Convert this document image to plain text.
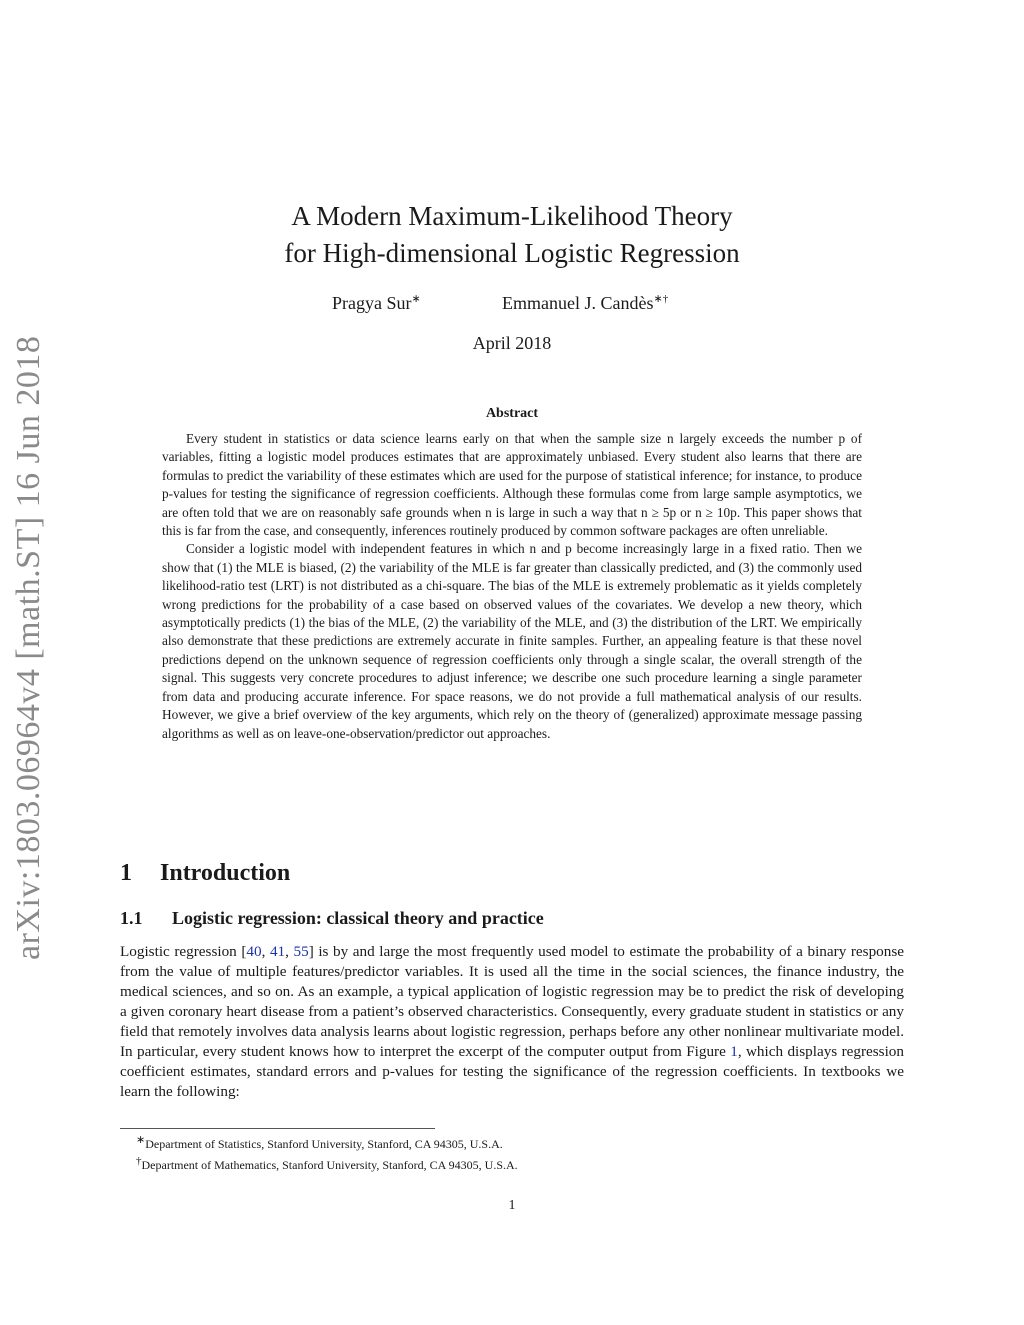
arXiv:1803.06964v4 [math.ST] 16 Jun 2018
A Modern Maximum-Likelihood Theory
for High-dimensional Logistic Regression
Pragya Sur∗	Emmanuel J. Candès∗†
April 2018
Abstract

Every student in statistics or data science learns early on that when the sample size n largely exceeds the number p of variables, fitting a logistic model produces estimates that are approximately unbiased. Every student also learns that there are formulas to predict the variability of these estimates which are used for the purpose of statistical inference; for instance, to produce p-values for testing the significance of regression coefficients. Although these formulas come from large sample asymptotics, we are often told that we are on reasonably safe grounds when n is large in such a way that n ≥ 5p or n ≥ 10p. This paper shows that this is far from the case, and consequently, inferences routinely produced by common software packages are often unreliable.

Consider a logistic model with independent features in which n and p become increasingly large in a fixed ratio. Then we show that (1) the MLE is biased, (2) the variability of the MLE is far greater than classically predicted, and (3) the commonly used likelihood-ratio test (LRT) is not distributed as a chi-square. The bias of the MLE is extremely problematic as it yields completely wrong predictions for the probability of a case based on observed values of the covariates. We develop a new theory, which asymptotically predicts (1) the bias of the MLE, (2) the variability of the MLE, and (3) the distribution of the LRT. We empirically also demonstrate that these predictions are extremely accurate in finite samples. Further, an appealing feature is that these novel predictions depend on the unknown sequence of regression coefficients only through a single scalar, the overall strength of the signal. This suggests very concrete procedures to adjust inference; we describe one such procedure learning a single parameter from data and producing accurate inference. For space reasons, we do not provide a full mathematical analysis of our results. However, we give a brief overview of the key arguments, which rely on the theory of (generalized) approximate message passing algorithms as well as on leave-one-observation/predictor out approaches.

1 Introduction
1.1 Logistic regression: classical theory and practice

Logistic regression [40, 41, 55] is by and large the most frequently used model to estimate the probability of a binary response from the value of multiple features/predictor variables. It is used all the time in the social sciences, the finance industry, the medical sciences, and so on. As an example, a typical application of logistic regression may be to predict the risk of developing a given coronary heart disease from a patient’s observed characteristics. Consequently, every graduate student in statistics or any field that remotely involves data analysis learns about logistic regression, perhaps before any other nonlinear multivariate model. In particular, every student knows how to interpret the excerpt of the computer output from Figure 1, which displays regression coefficient estimates, standard errors and p-values for testing the significance of the regression coefficients. In textbooks we learn the following:

∗Department of Statistics, Stanford University, Stanford, CA 94305, U.S.A.
†Department of Mathematics, Stanford University, Stanford, CA 94305, U.S.A.
1
